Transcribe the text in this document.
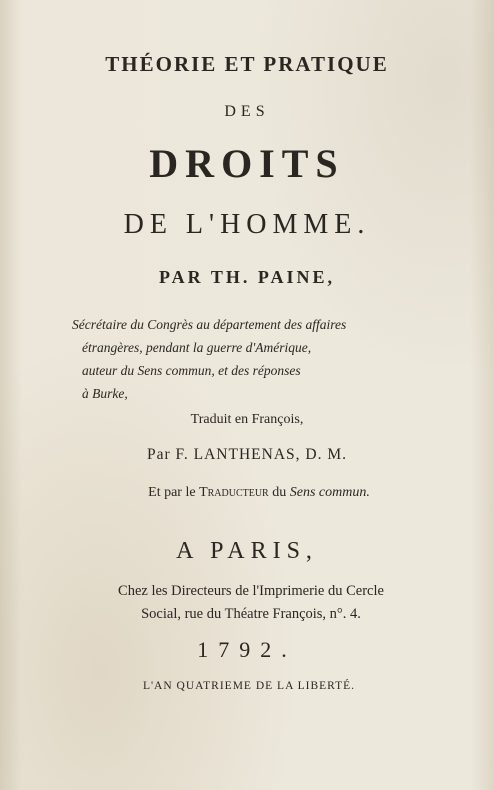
THÉORIE ET PRATIQUE
DES
DROITS
DE L'HOMME.
PAR TH. PAINE,
Sécrétaire du Congrès au département des affaires
étrangères, pendant la guerre d'Amérique,
auteur du Sens commun, et des réponses
à Burke,
Traduit en François,
Par F. LANTHENAS, D. M.
Et par le Traducteur du Sens commun.
A PARIS,
Chez les Directeurs de l'Imprimerie du Cercle
Social, rue du Théatre François, n°. 4.
1792.
L'AN QUATRIEME DE LA LIBERTÉ.
